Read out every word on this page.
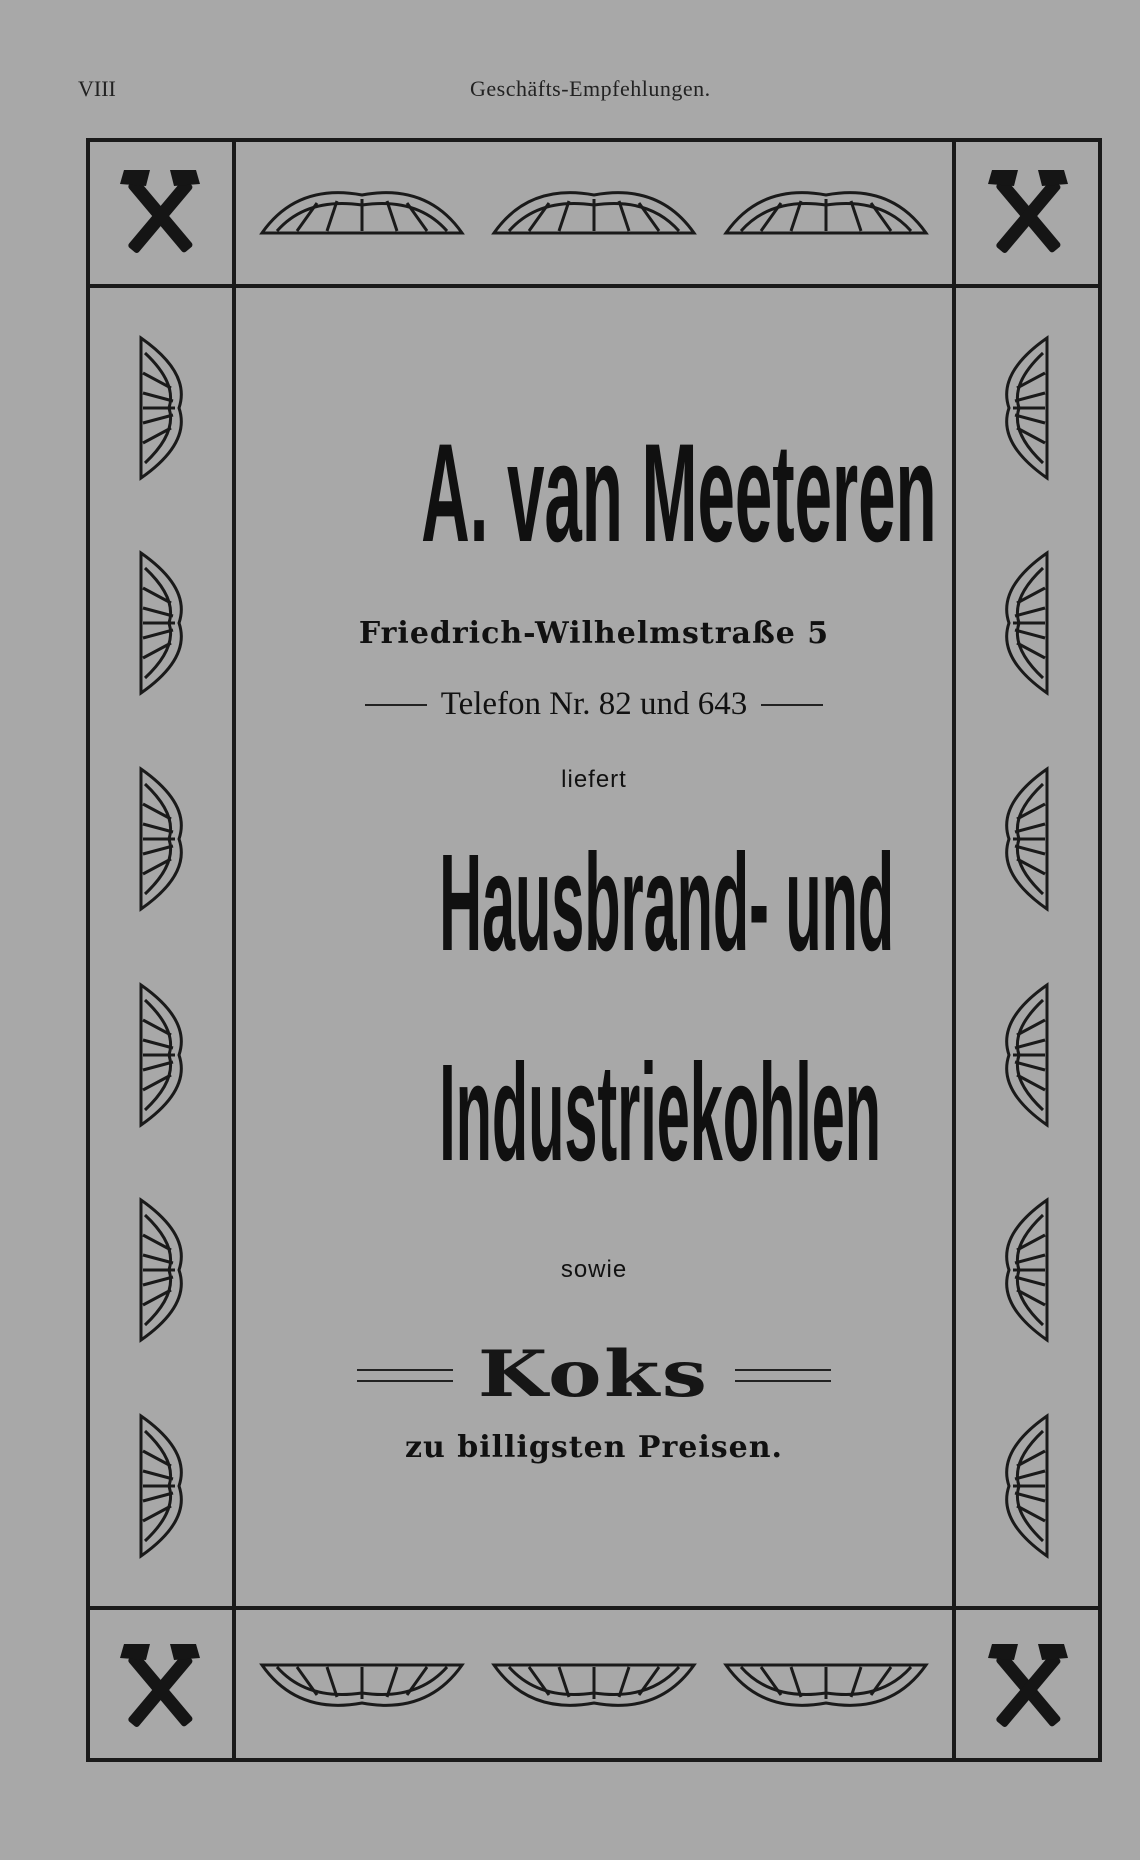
VIII	Geschäfts-Empfehlungen.
A. van Meeteren
Friedrich-Wilhelmstraße 5
Telefon Nr. 82 und 643
liefert
Hausbrand- und
Industriekohlen
sowie
Koks
zu billigsten Preisen.
